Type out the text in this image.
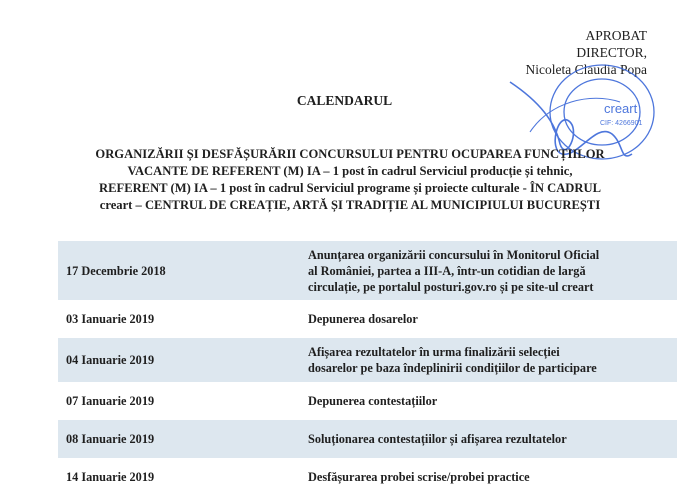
APROBAT
DIRECTOR,
Nicoleta Claudia Popa
creart
CIF: 4266901
CALENDARUL
ORGANIZĂRII ȘI DESFĂȘURĂRII CONCURSULUI PENTRU OCUPAREA FUNCȚIILOR
VACANTE DE REFERENT (M) IA – 1 post în cadrul Serviciul producție și tehnic,
REFERENT (M) IA – 1 post în cadrul Serviciul programe și proiecte culturale - ÎN CADRUL
creart – CENTRUL DE CREAȚIE, ARTĂ ȘI TRADIȚIE AL MUNICIPIULUI BUCUREȘTI
17 Decembrie 2018	Anunțarea organizării concursului în Monitorul Oficial
al României, partea a III-A, într-un cotidian de largă
circulație, pe portalul posturi.gov.ro și pe site-ul creart

03 Ianuarie 2019	Depunerea dosarelor

04 Ianuarie 2019	Afișarea rezultatelor în urma finalizării selecției
dosarelor pe baza îndeplinirii condițiilor de participare

07 Ianuarie 2019	Depunerea contestațiilor

08 Ianuarie 2019	Soluționarea contestațiilor și afișarea rezultatelor

14 Ianuarie 2019	Desfășurarea probei scrise/probei practice
